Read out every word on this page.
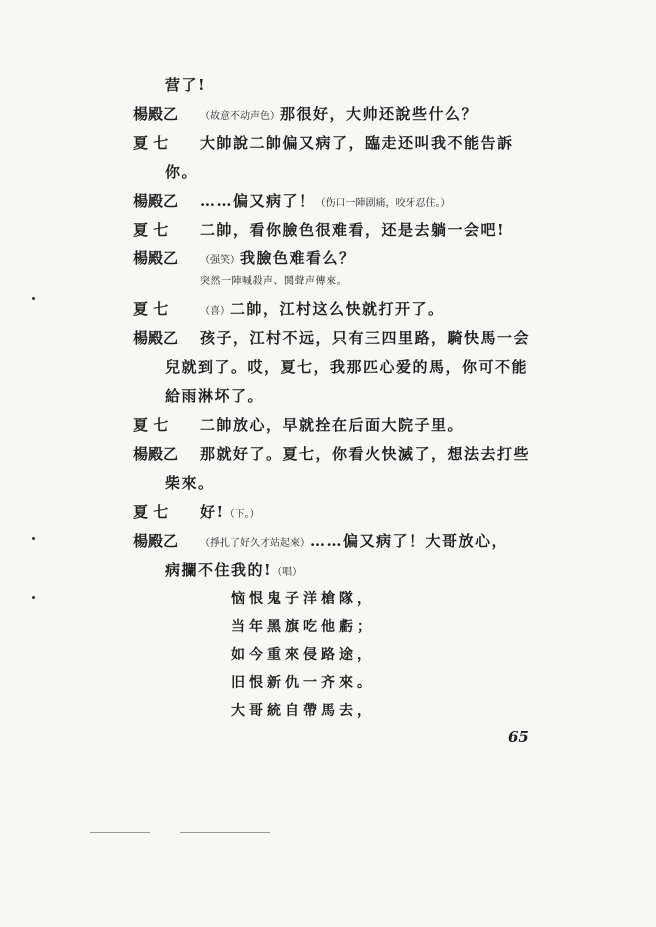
营了!
楊殿乙 （故意不动声色）那很好，大帅还說些什么？
夏 七 大帥說二帥偏又病了，臨走还叫我不能告訴
你。
楊殿乙 ……偏又病了！（伤口一陣剧痛，咬牙忍住。）
夏 七 二帥，看你臉色很难看，还是去躺一会吧!
楊殿乙 （强笑）我臉色难看么？
突然一陣喊殺声、鬨聲声傳來。
夏 七	（喜）二帥，江村这么快就打开了。
楊殿乙 孩子，江村不远，只有三四里路，騎快馬一会
兒就到了。哎，夏七，我那匹心爱的馬，你可不能
給雨淋坏了。
夏 七 二帥放心，早就拴在后面大院子里。
楊殿乙 那就好了。夏七，你看火快滅了，想法去打些
柴來。
夏 七 好!（下。）
楊殿乙 （掙扎了好久才站起來）……偏又病了！大哥放心，
病攔不住我的!（唱）
恼恨鬼子洋槍隊，
当年黑旗吃他虧；
如今重來侵路途，
旧恨新仇一齐來。
大哥統自帶馬去，
65
